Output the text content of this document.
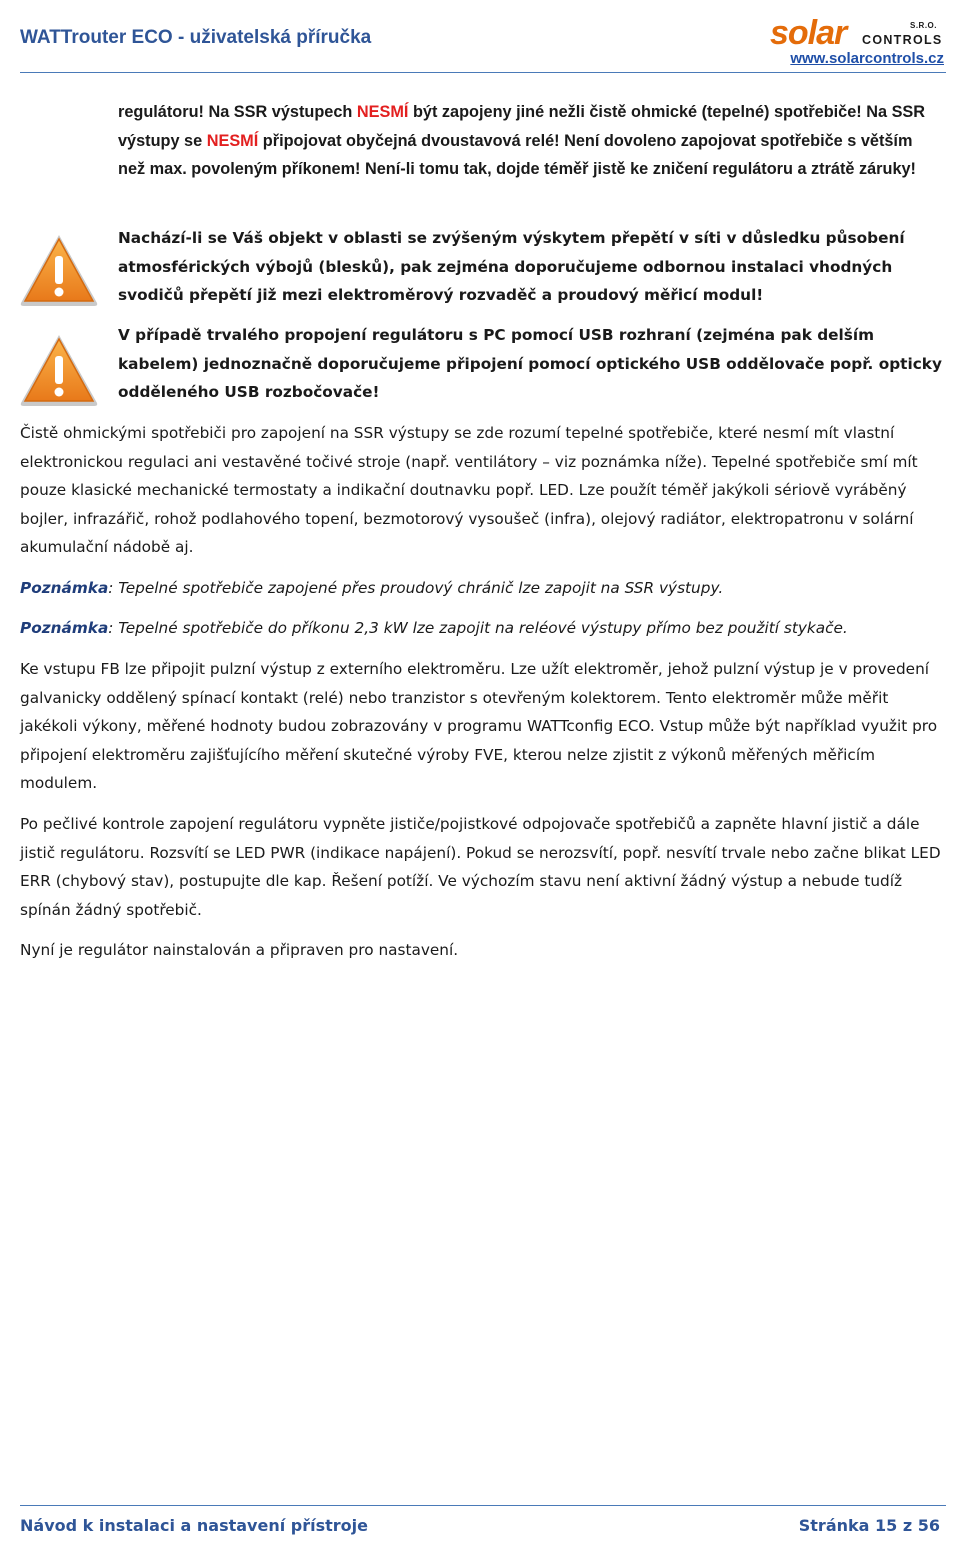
WATTrouter ECO - uživatelská příručka	solar	S.R.O.
CONTROLS
www.solarcontrols.cz
regulátoru! Na SSR výstupech NESMÍ být zapojeny jiné nežli čistě ohmické (tepelné) spotřebiče! Na SSR výstupy se NESMÍ připojovat obyčejná dvoustavová relé! Není dovoleno zapojovat spotřebiče s větším než max. povoleným příkonem! Není-li tomu tak, dojde téměř jistě ke zničení regulátoru a ztrátě záruky!
Nachází-li se Váš objekt v oblasti se zvýšeným výskytem přepětí v síti v důsledku působení atmosférických výbojů (blesků), pak zejména doporučujeme odbornou instalaci vhodných svodičů přepětí již mezi elektroměrový rozvaděč a proudový měřicí modul!
V případě trvalého propojení regulátoru s PC pomocí USB rozhraní (zejména pak delším kabelem) jednoznačně doporučujeme připojení pomocí optického USB oddělovače popř. opticky odděleného USB rozbočovače!
Čistě ohmickými spotřebiči pro zapojení na SSR výstupy se zde rozumí tepelné spotřebiče, které nesmí mít vlastní elektronickou regulaci ani vestavěné točivé stroje (např. ventilátory – viz poznámka níže). Tepelné spotřebiče smí mít pouze klasické mechanické termostaty a indikační doutnavku popř. LED. Lze použít téměř jakýkoli sériově vyráběný bojler, infrazářič, rohož podlahového topení, bezmotorový vysoušeč (infra), olejový radiátor, elektropatronu v solární akumulační nádobě aj.
Poznámka: Tepelné spotřebiče zapojené přes proudový chránič lze zapojit na SSR výstupy.
Poznámka: Tepelné spotřebiče do příkonu 2,3 kW lze zapojit na reléové výstupy přímo bez použití stykače.
Ke vstupu FB lze připojit pulzní výstup z externího elektroměru. Lze užít elektroměr, jehož pulzní výstup je v provedení galvanicky oddělený spínací kontakt (relé) nebo tranzistor s otevřeným kolektorem. Tento elektroměr může měřit jakékoli výkony, měřené hodnoty budou zobrazovány v programu WATTconfig ECO. Vstup může být například využit pro připojení elektroměru zajišťujícího měření skutečné výroby FVE, kterou nelze zjistit z výkonů měřených měřicím modulem.
Po pečlivé kontrole zapojení regulátoru vypněte jističe/pojistkové odpojovače spotřebičů a zapněte hlavní jistič a dále jistič regulátoru. Rozsvítí se LED PWR (indikace napájení). Pokud se nerozsvítí, popř. nesvítí trvale nebo začne blikat LED ERR (chybový stav), postupujte dle kap. Řešení potíží. Ve výchozím stavu není aktivní žádný výstup a nebude tudíž spínán žádný spotřebič.
Nyní je regulátor nainstalován a připraven pro nastavení.
Návod k instalaci a nastavení přístroje	Stránka 15 z 56
